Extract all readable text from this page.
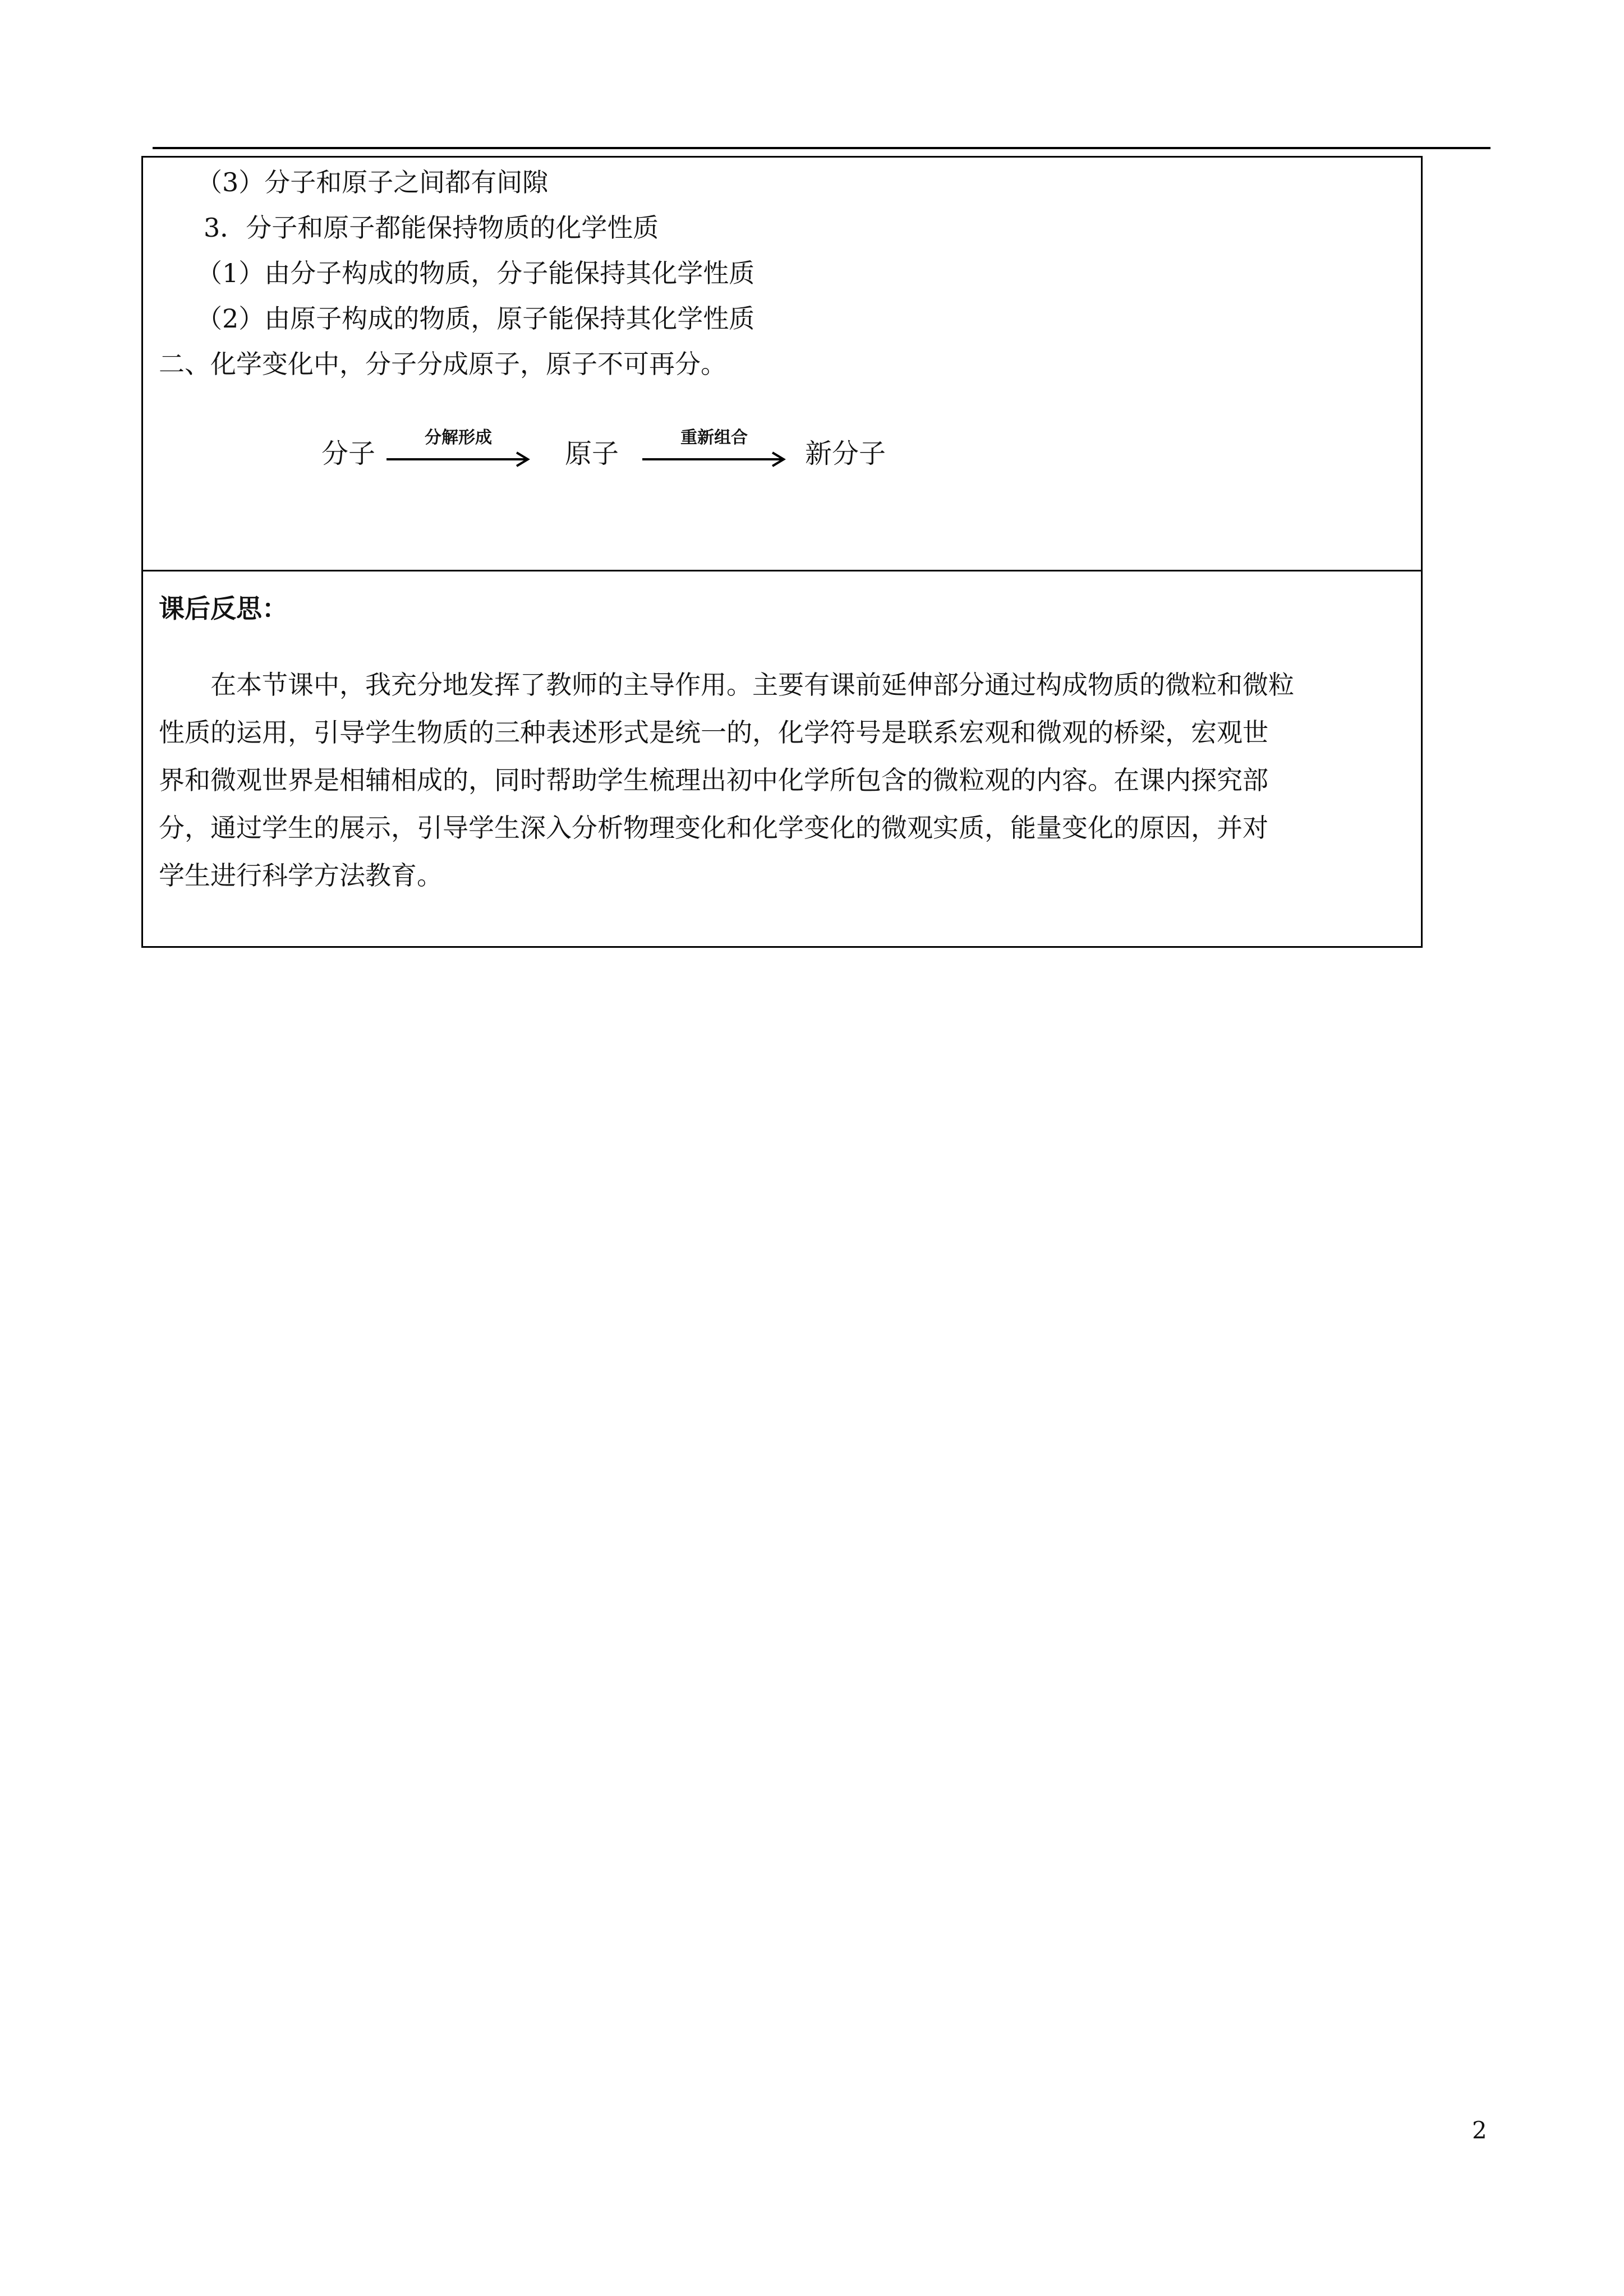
（3）分子和原子之间都有间隙
3．分子和原子都能保持物质的化学性质
（1）由分子构成的物质，分子能保持其化学性质
（2）由原子构成的物质，原子能保持其化学性质
二、化学变化中，分子分成原子，原子不可再分。
分子
分解形成
原子
重新组合
新分子
课后反思：
在本节课中，我充分地发挥了教师的主导作用。主要有课前延伸部分通过构成物质的微粒和微粒
性质的运用，引导学生物质的三种表述形式是统一的，化学符号是联系宏观和微观的桥梁，宏观世
界和微观世界是相辅相成的，同时帮助学生梳理出初中化学所包含的微粒观的内容。在课内探究部
分，通过学生的展示，引导学生深入分析物理变化和化学变化的微观实质，能量变化的原因，并对
学生进行科学方法教育。
2
